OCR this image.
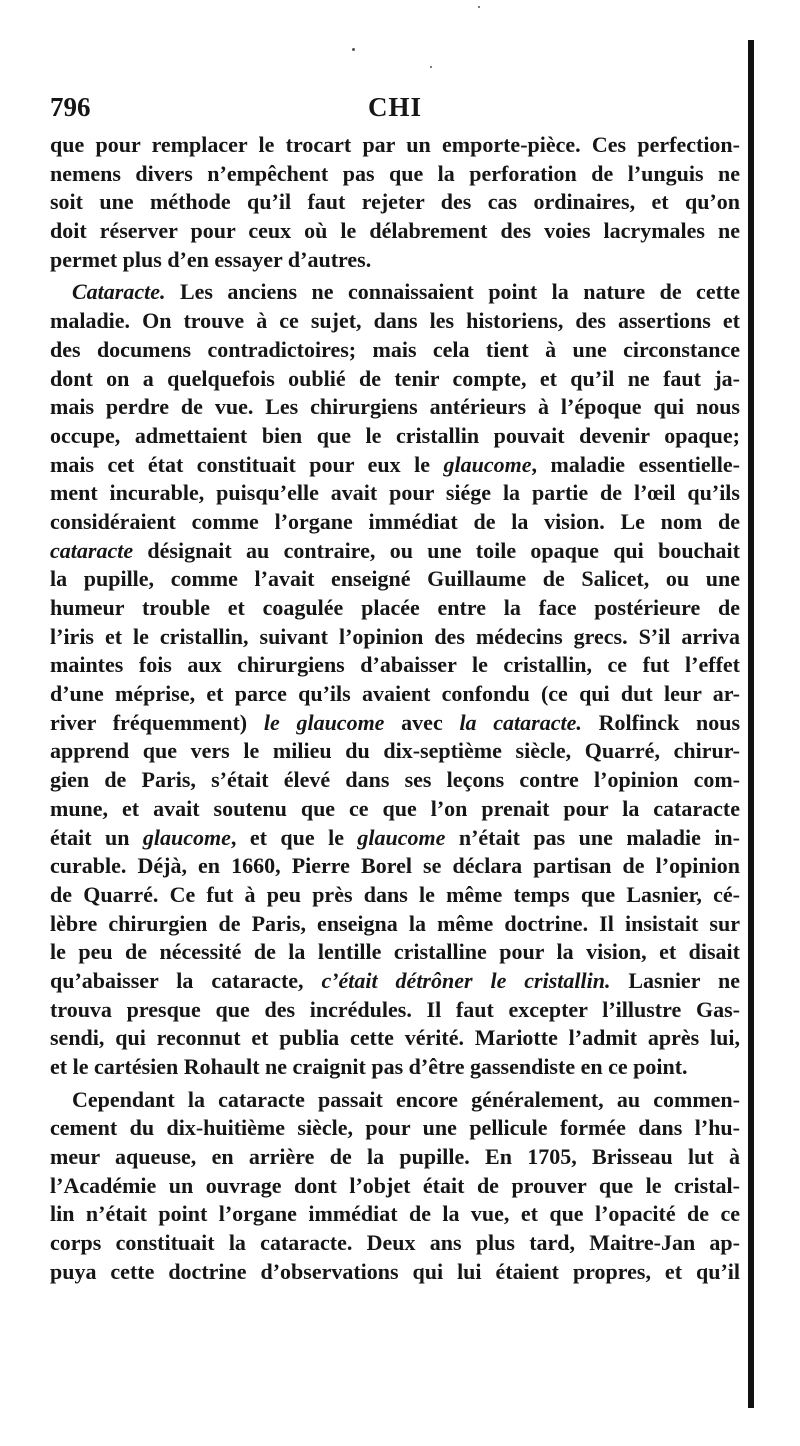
796	CHI
que pour remplacer le trocart par un emporte-pièce. Ces perfection-
nemens divers n’empêchent pas que la perforation de l’unguis ne
soit une méthode qu’il faut rejeter des cas ordinaires, et qu’on
doit réserver pour ceux où le délabrement des voies lacrymales ne
permet plus d’en essayer d’autres.
Cataracte. Les anciens ne connaissaient point la nature de cette
maladie. On trouve à ce sujet, dans les historiens, des assertions et
des documens contradictoires; mais cela tient à une circonstance
dont on a quelquefois oublié de tenir compte, et qu’il ne faut ja-
mais perdre de vue. Les chirurgiens antérieurs à l’époque qui nous
occupe, admettaient bien que le cristallin pouvait devenir opaque;
mais cet état constituait pour eux le glaucome, maladie essentielle-
ment incurable, puisqu’elle avait pour siége la partie de l’œil qu’ils
considéraient comme l’organe immédiat de la vision. Le nom de
cataracte désignait au contraire, ou une toile opaque qui bouchait
la pupille, comme l’avait enseigné Guillaume de Salicet, ou une
humeur trouble et coagulée placée entre la face postérieure de
l’iris et le cristallin, suivant l’opinion des médecins grecs. S’il arriva
maintes fois aux chirurgiens d’abaisser le cristallin, ce fut l’effet
d’une méprise, et parce qu’ils avaient confondu (ce qui dut leur ar-
river fréquemment) le glaucome avec la cataracte. Rolfinck nous
apprend que vers le milieu du dix-septième siècle, Quarré, chirur-
gien de Paris, s’était élevé dans ses leçons contre l’opinion com-
mune, et avait soutenu que ce que l’on prenait pour la cataracte
était un glaucome, et que le glaucome n’était pas une maladie in-
curable. Déjà, en 1660, Pierre Borel se déclara partisan de l’opinion
de Quarré. Ce fut à peu près dans le même temps que Lasnier, cé-
lèbre chirurgien de Paris, enseigna la même doctrine. Il insistait sur
le peu de nécessité de la lentille cristalline pour la vision, et disait
qu’abaisser la cataracte, c’était détrôner le cristallin. Lasnier ne
trouva presque que des incrédules. Il faut excepter l’illustre Gas-
sendi, qui reconnut et publia cette vérité. Mariotte l’admit après lui,
et le cartésien Rohault ne craignit pas d’être gassendiste en ce point.
Cependant la cataracte passait encore généralement, au commen-
cement du dix-huitième siècle, pour une pellicule formée dans l’hu-
meur aqueuse, en arrière de la pupille. En 1705, Brisseau lut à
l’Académie un ouvrage dont l’objet était de prouver que le cristal-
lin n’était point l’organe immédiat de la vue, et que l’opacité de ce
corps constituait la cataracte. Deux ans plus tard, Maitre-Jan ap-
puya cette doctrine d’observations qui lui étaient propres, et qu’il
